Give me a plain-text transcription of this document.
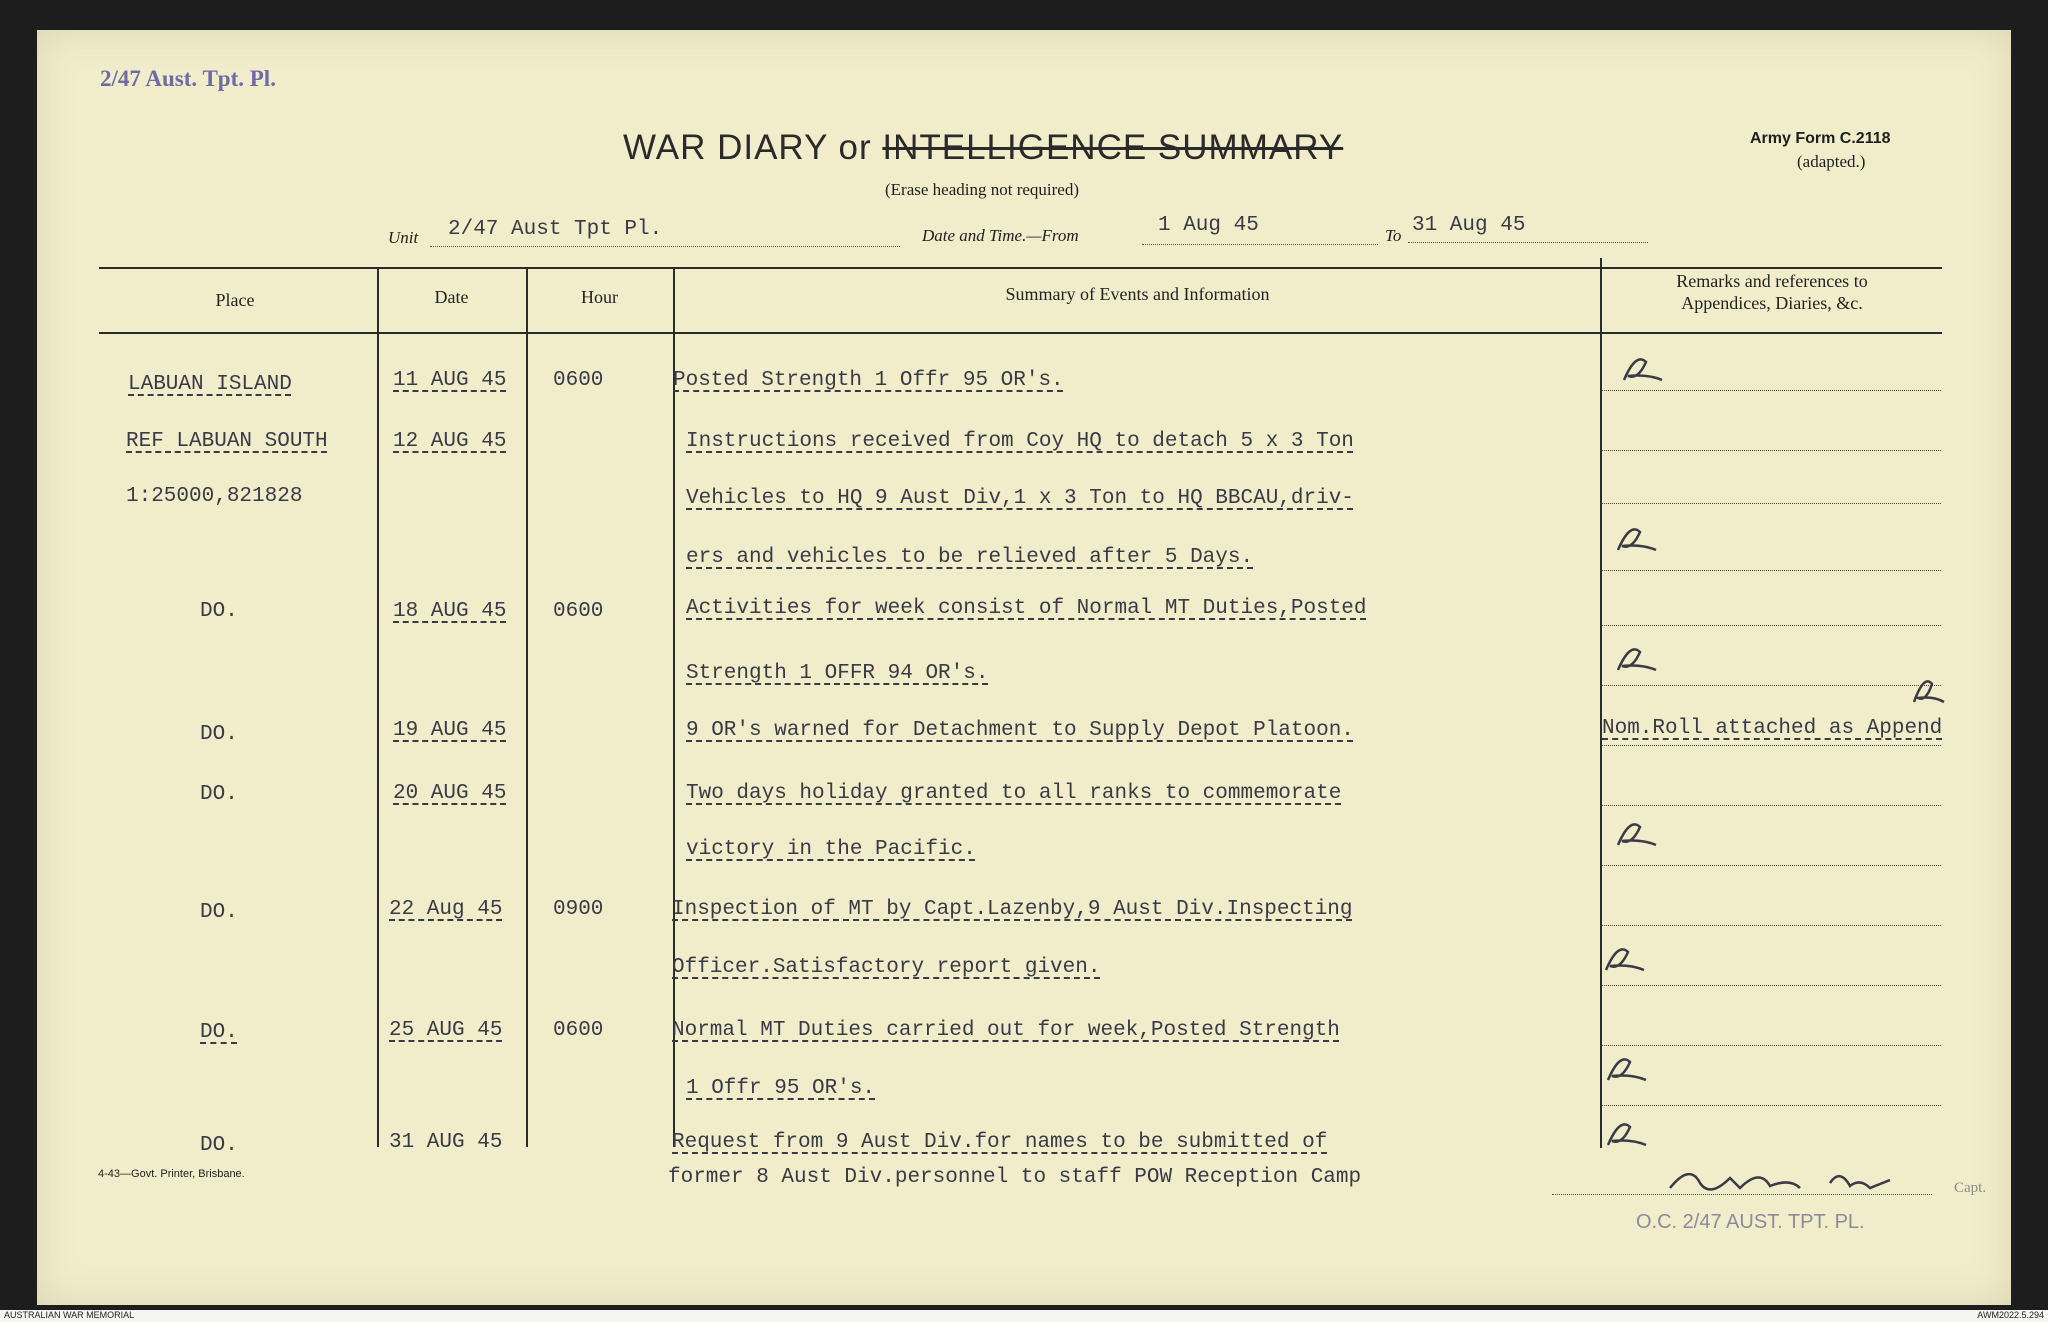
2/47 Aust. Tpt. Pl.
WAR DIARY or INTELLIGENCE SUMMARY
(Erase heading not required)
Army Form C.2118
(adapted.)
Unit 2/47 Aust Tpt Pl.	Date and Time.—From	1 Aug 45	To 31 Aug 45
Place	Date	Hour	Summary of Events and Information
Remarks and references to
Appendices, Diaries, &c.
LABUAN ISLAND	11 AUG 45 0600	Posted Strength 1 Offr 95 OR's.
REF LABUAN SOUTH	12 AUG 45	Instructions received from Coy HQ to detach 5 x 3 Ton
1:25000,821828	Vehicles to HQ 9 Aust Div,1 x 3 Ton to HQ BBCAU,driv-
ers and vehicles to be relieved after 5 Days.
DO.	18 AUG 45 0600	Activities for week consist of Normal MT Duties,Posted
Strength 1 OFFR 94 OR's.
DO.	19 AUG 45	9 OR's warned for Detachment to Supply Depot Platoon.	Nom.Roll attached as Append
DO.	20 AUG 45	Two days holiday granted to all ranks to commemorate
victory in the Pacific.
DO.	22 Aug 45 0900	Inspection of MT by Capt.Lazenby,9 Aust Div.Inspecting
Officer.Satisfactory report given.
DO.	25 AUG 45 0600	Normal MT Duties carried out for week,Posted Strength
1 Offr 95 OR's.
DO.	31 AUG 45	Request from 9 Aust Div.for names to be submitted of
former 8 Aust Div.personnel to staff POW Reception Camp
4-43—Govt. Printer, Brisbane.
Capt.
O.C. 2/47 AUST. TPT. PL.
AUSTRALIAN WAR MEMORIAL	AWM2022.5.294
